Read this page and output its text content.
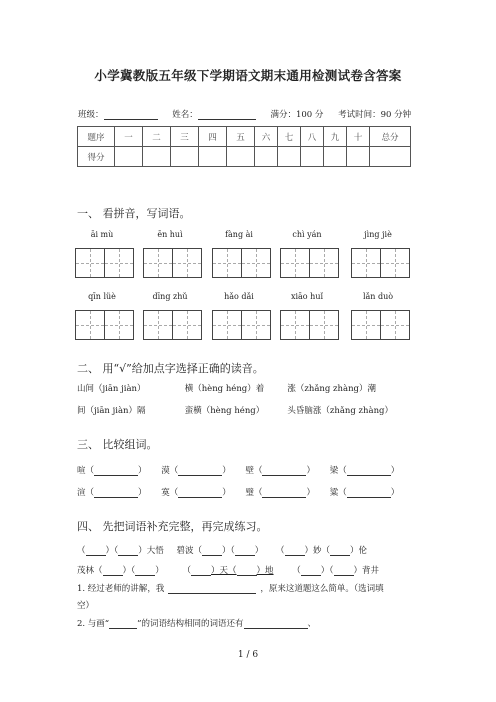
小学冀教版五年级下学期语文期末通用检测试卷含答案
班级：	姓名：	满分：100 分 考试时间：90 分钟
题序	一	二	三	四	五	六	七	八	九	十	总分
得分											
一、 看拼音，写词语。
āi mù	ēn huì	fàng ài	chì yán	jìng jiè
qīn lüè	dīng zhǔ	hǎo dǎi	xiāo huǐ	lǎn duò
二、 用“√”给加点字选择正确的读音。
山间（jiān jiàn）	横（hèng héng）着	涨（zhǎng zhàng）潮
间（jiān jiàn）隔	蛮横（hèng héng）	头昏脑涨（zhǎng zhàng）
三、 比较组词。
喧（	） 漠（	） 壁（	） 梁（	）
渲（	） 寞（	） 璧（	） 粱（	）
四、 先把词语补充完整，再完成练习。
（ ）（ ）大悟 碧波（ ）（ ） （ ）妙（ ）伦
茂林（ ）（ ） （ ）天（ ）地 （ ）（ ）背井
1. 经过老师的讲解，我	，原来这道题这么简单。（选词填
空）
2. 与画“	”的词语结构相同的词语还有	、
1 / 6
